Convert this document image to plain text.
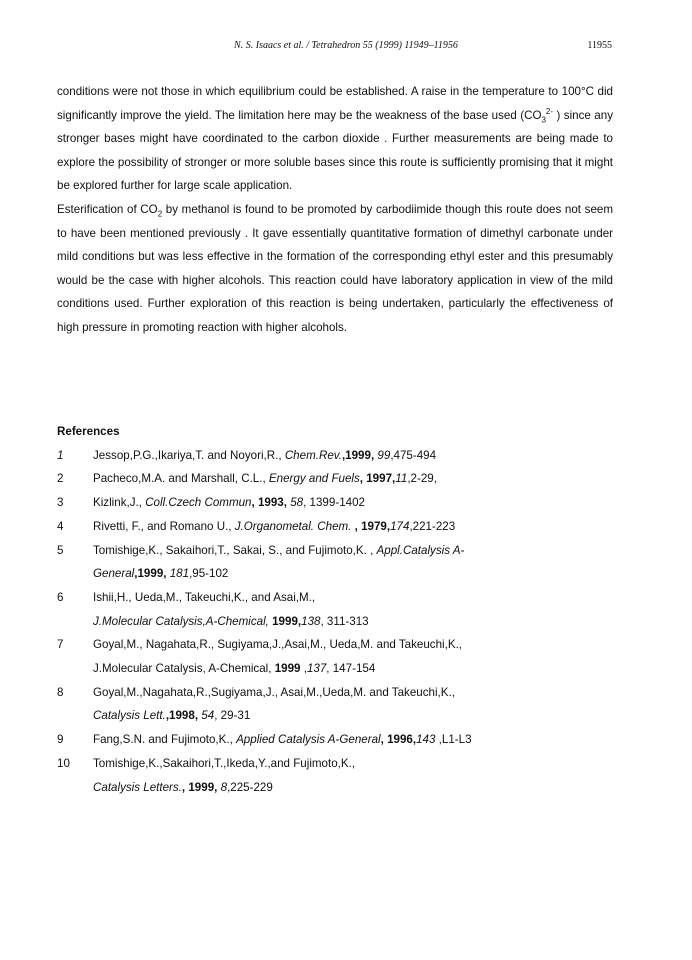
N. S. Isaacs et al. / Tetrahedron 55 (1999) 11949–11956	11955

conditions were not those in which equilibrium could be established. A raise in the temperature to 100°C did significantly improve the yield. The limitation here may be the weakness of the base used ($CO_3^{2-}$ ) since any stronger bases might have coordinated to the carbon dioxide . Further measurements are being made to explore the possibility of stronger or more soluble bases since this route is sufficiently promising that it might be explored further for large scale application.

Esterification of $CO_2$ by methanol is found to be promoted by carbodiimide though this route does not seem to have been mentioned previously . It gave essentially quantitative formation of dimethyl carbonate under mild conditions but was less effective in the formation of the corresponding ethyl ester and this presumably would be the case with higher alcohols. This reaction could have laboratory application in view of the mild conditions used. Further exploration of this reaction is being undertaken, particularly the effectiveness of high pressure in promoting reaction with higher alcohols.

References
1	Jessop,P.G.,Ikariya,T. and Noyori,R., Chem.Rev.,1999, 99,475-494
2	Pacheco,M.A. and Marshall, C.L., Energy and Fuels, 1997,11,2-29,
3	Kizlink,J., Coll.Czech Commun, 1993, 58, 1399-1402
4	Rivetti, F., and Romano U., J.Organometal. Chem. , 1979,174,221-223
5	Tomishige,K., Sakaihori,T., Sakai, S., and Fujimoto,K. , Appl.Catalysis A-
General,1999, 181,95-102
6	Ishii,H., Ueda,M., Takeuchi,K., and Asai,M.,
J.Molecular Catalysis,A-Chemical, 1999,138, 311-313
7	Goyal,M., Nagahata,R., Sugiyama,J.,Asai,M., Ueda,M. and Takeuchi,K.,
J.Molecular Catalysis, A-Chemical, 1999 ,137, 147-154
8	Goyal,M.,Nagahata,R.,Sugiyama,J., Asai,M.,Ueda,M. and Takeuchi,K.,
Catalysis Lett.,1998, 54, 29-31
9	Fang,S.N. and Fujimoto,K., Applied Catalysis A-General, 1996,143 ,L1-L3
10	Tomishige,K.,Sakaihori,T.,Ikeda,Y.,and Fujimoto,K.,
Catalysis Letters., 1999, 8,225-229
